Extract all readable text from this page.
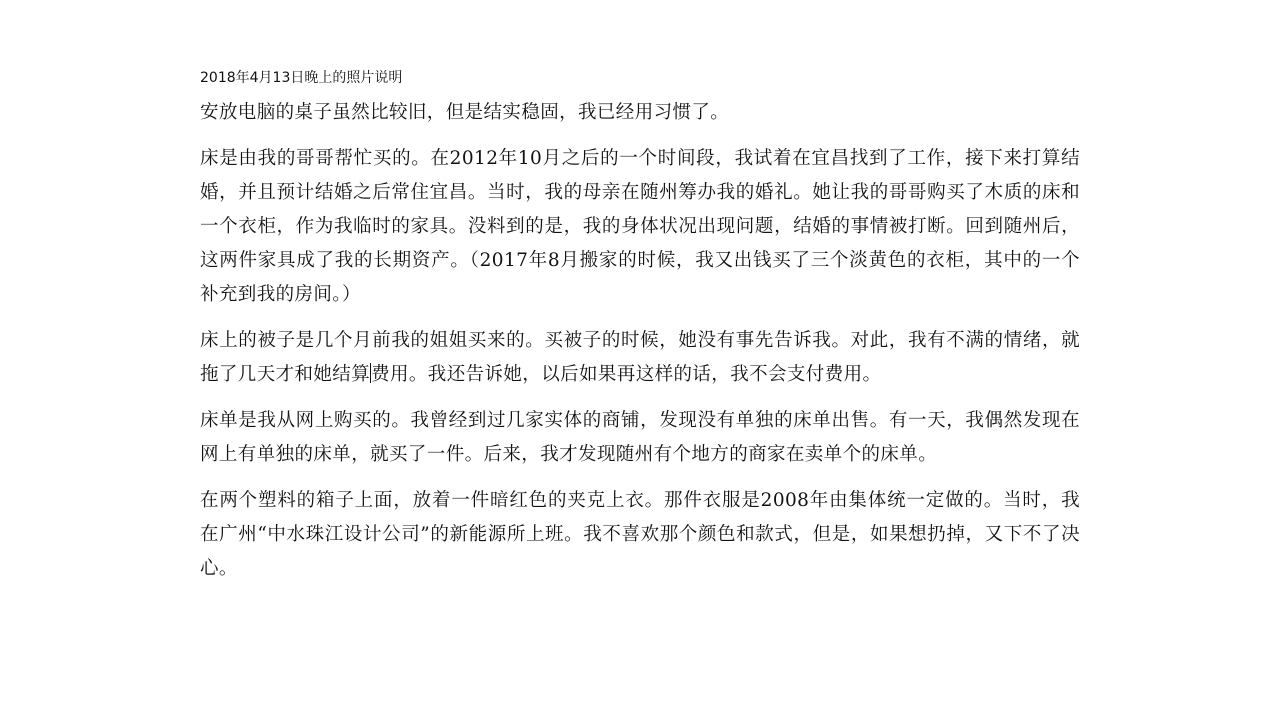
2018年4月13日晚上的照片说明

安放电脑的桌子虽然比较旧，但是结实稳固，我已经用习惯了。

床是由我的哥哥帮忙买的。在2012年10月之后的一个时间段，我试着在宜昌找到了工作，接下来打算结婚，并且预计结婚之后常住宜昌。当时，我的母亲在随州筹办我的婚礼。她让我的哥哥购买了木质的床和一个衣柜，作为我临时的家具。没料到的是，我的身体状况出现问题，结婚的事情被打断。回到随州后，这两件家具成了我的长期资产。（2017年8月搬家的时候，我又出钱买了三个淡黄色的衣柜，其中的一个补充到我的房间。）

床上的被子是几个月前我的姐姐买来的。买被子的时候，她没有事先告诉我。对此，我有不满的情绪，就拖了几天才和她结算费用。我还告诉她，以后如果再这样的话，我不会支付费用。

床单是我从网上购买的。我曾经到过几家实体的商铺，发现没有单独的床单出售。有一天，我偶然发现在网上有单独的床单，就买了一件。后来，我才发现随州有个地方的商家在卖单个的床单。

在两个塑料的箱子上面，放着一件暗红色的夹克上衣。那件衣服是2008年由集体统一定做的。当时，我在广州“中水珠江设计公司”的新能源所上班。我不喜欢那个颜色和款式，但是，如果想扔掉，又下不了决心。
